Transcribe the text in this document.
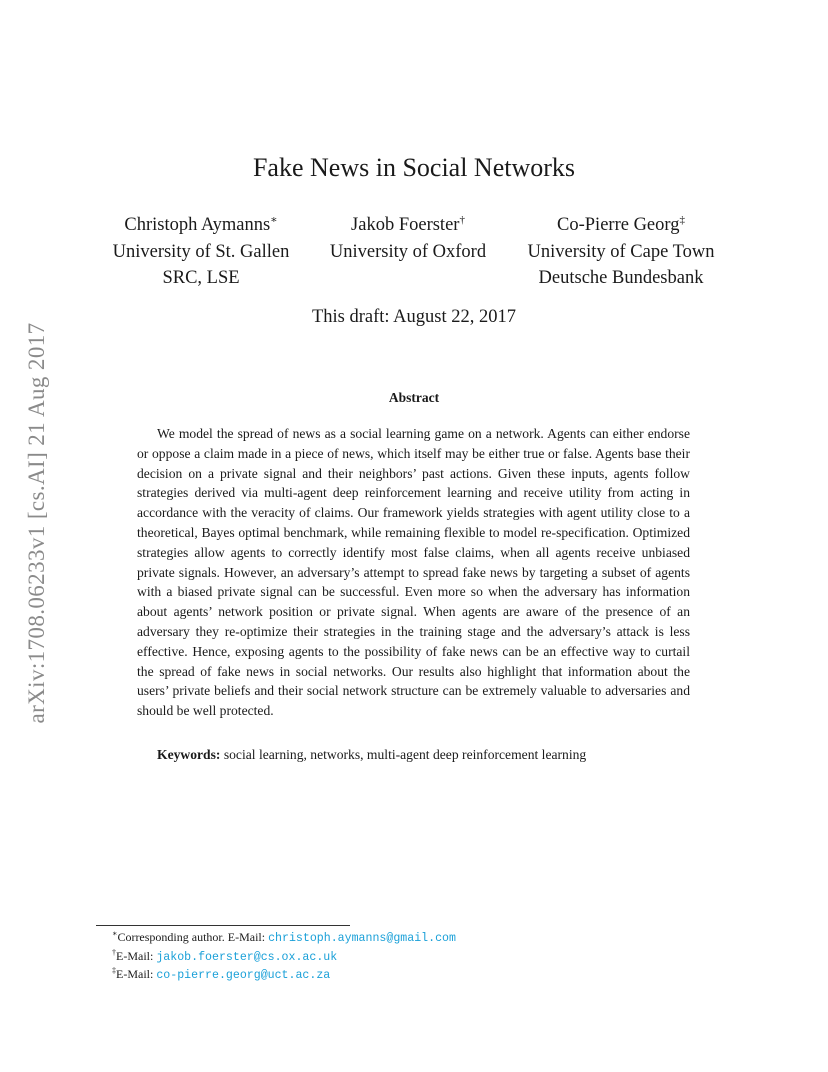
arXiv:1708.06233v1 [cs.AI] 21 Aug 2017
Fake News in Social Networks
Christoph Aymanns∗
University of St. Gallen
SRC, LSE
Jakob Foerster†
University of Oxford
Co-Pierre Georg‡
University of Cape Town
Deutsche Bundesbank
This draft: August 22, 2017
Abstract

We model the spread of news as a social learning game on a network. Agents can either endorse or oppose a claim made in a piece of news, which itself may be either true or false. Agents base their decision on a private signal and their neighbors’ past actions. Given these inputs, agents follow strategies derived via multi-agent deep reinforcement learning and receive utility from acting in accordance with the veracity of claims. Our framework yields strategies with agent utility close to a theoretical, Bayes optimal benchmark, while remaining flexible to model re-specification. Optimized strategies allow agents to correctly identify most false claims, when all agents receive unbiased private signals. However, an adversary’s attempt to spread fake news by targeting a subset of agents with a biased private signal can be successful. Even more so when the adversary has information about agents’ network position or private signal. When agents are aware of the presence of an adversary they re-optimize their strategies in the training stage and the adversary’s attack is less effective. Hence, exposing agents to the possibility of fake news can be an effective way to curtail the spread of fake news in social networks. Our results also highlight that information about the users’ private beliefs and their social network structure can be extremely valuable to adversaries and should be well protected.

Keywords: social learning, networks, multi-agent deep reinforcement learning
∗Corresponding author. E-Mail: christoph.aymanns@gmail.com
†E-Mail: jakob.foerster@cs.ox.ac.uk
‡E-Mail: co-pierre.georg@uct.ac.za
